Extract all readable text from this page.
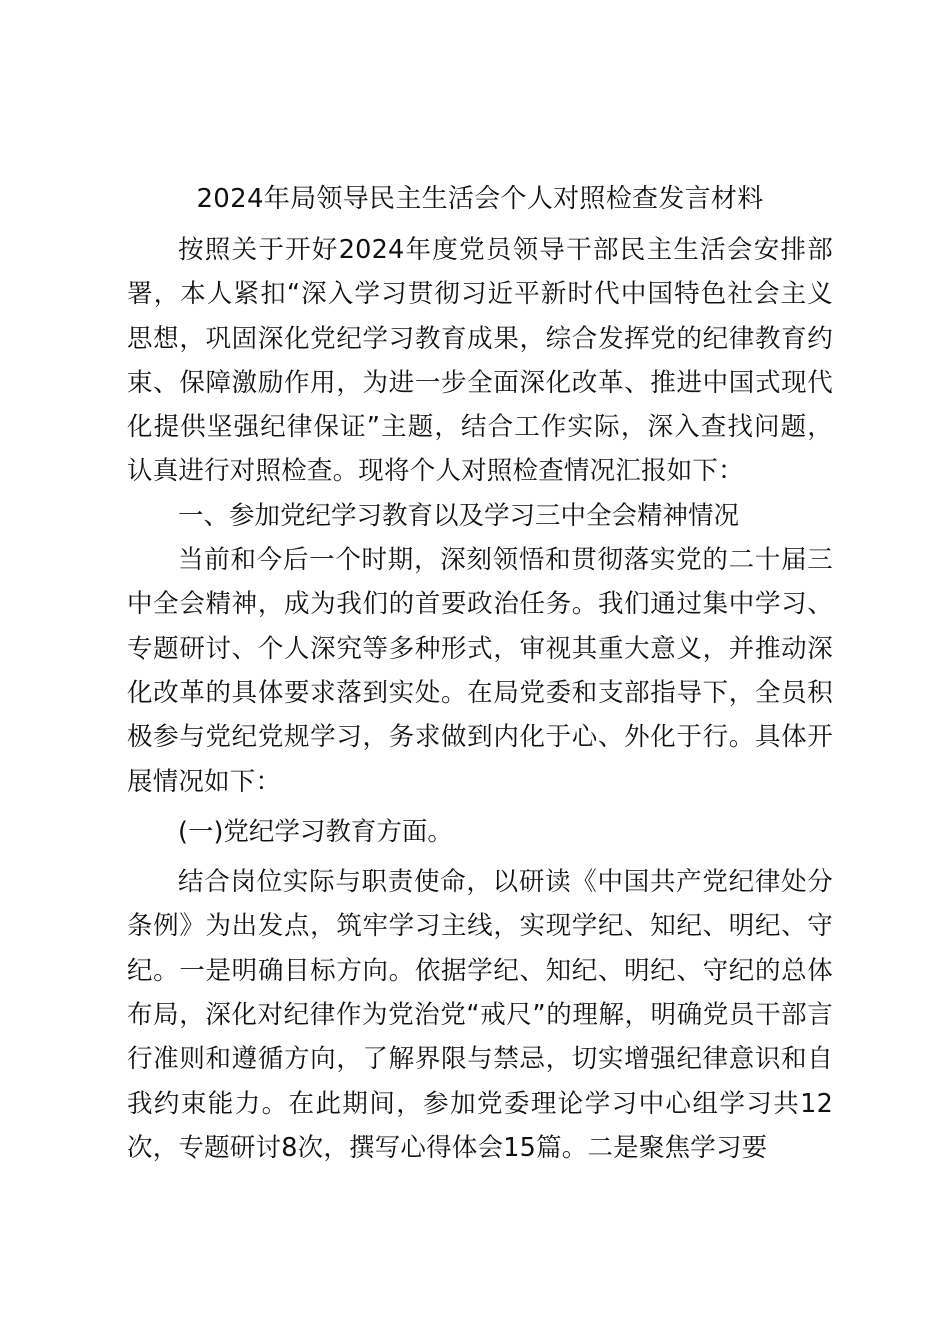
2024年局领导民主生活会个人对照检查发言材料

按照关于开好2024年度党员领导干部民主生活会安排部署，本人紧扣“深入学习贯彻习近平新时代中国特色社会主义思想，巩固深化党纪学习教育成果，综合发挥党的纪律教育约束、保障激励作用，为进一步全面深化改革、推进中国式现代化提供坚强纪律保证”主题，结合工作实际，深入查找问题，认真进行对照检查。现将个人对照检查情况汇报如下：

一、参加党纪学习教育以及学习三中全会精神情况

当前和今后一个时期，深刻领悟和贯彻落实党的二十届三中全会精神，成为我们的首要政治任务。我们通过集中学习、专题研讨、个人深究等多种形式，审视其重大意义，并推动深化改革的具体要求落到实处。在局党委和支部指导下，全员积极参与党纪党规学习，务求做到内化于心、外化于行。具体开展情况如下：

(一)党纪学习教育方面。

结合岗位实际与职责使命，以研读《中国共产党纪律处分条例》为出发点，筑牢学习主线，实现学纪、知纪、明纪、守纪。一是明确目标方向。依据学纪、知纪、明纪、守纪的总体布局，深化对纪律作为党治党“戒尺”的理解，明确党员干部言行准则和遵循方向，了解界限与禁忌，切实增强纪律意识和自我约束能力。在此期间，参加党委理论学习中心组学习共12次，专题研讨8次，撰写心得体会15篇。二是聚焦学习要
